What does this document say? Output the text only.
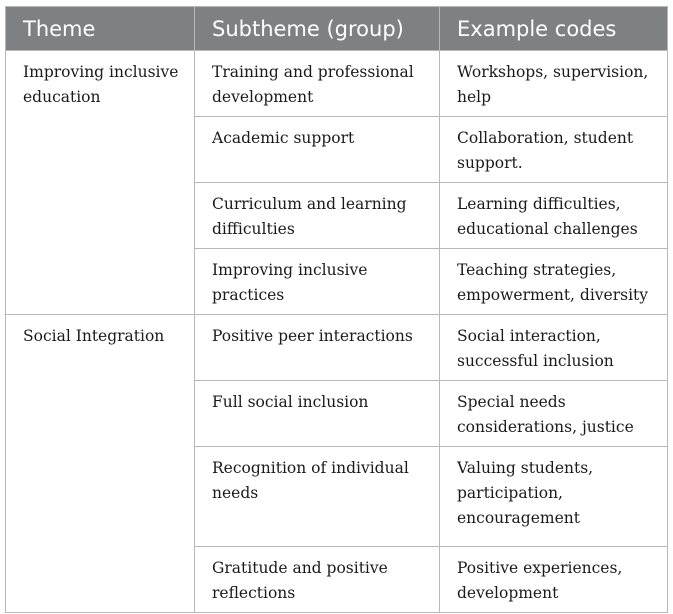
Theme	Subtheme (group)	Example codes
Improving inclusive education	Training and professional development	Workshops, supervision, help
	Academic support	Collaboration, student support.
	Curriculum and learning difficulties	Learning difficulties, educational challenges
	Improving inclusive practices	Teaching strategies, empowerment, diversity
Social Integration	Positive peer interactions	Social interaction, successful inclusion
	Full social inclusion	Special needs considerations, justice
	Recognition of individual needs	Valuing students, participation, encouragement
	Gratitude and positive reflections	Positive experiences, development
